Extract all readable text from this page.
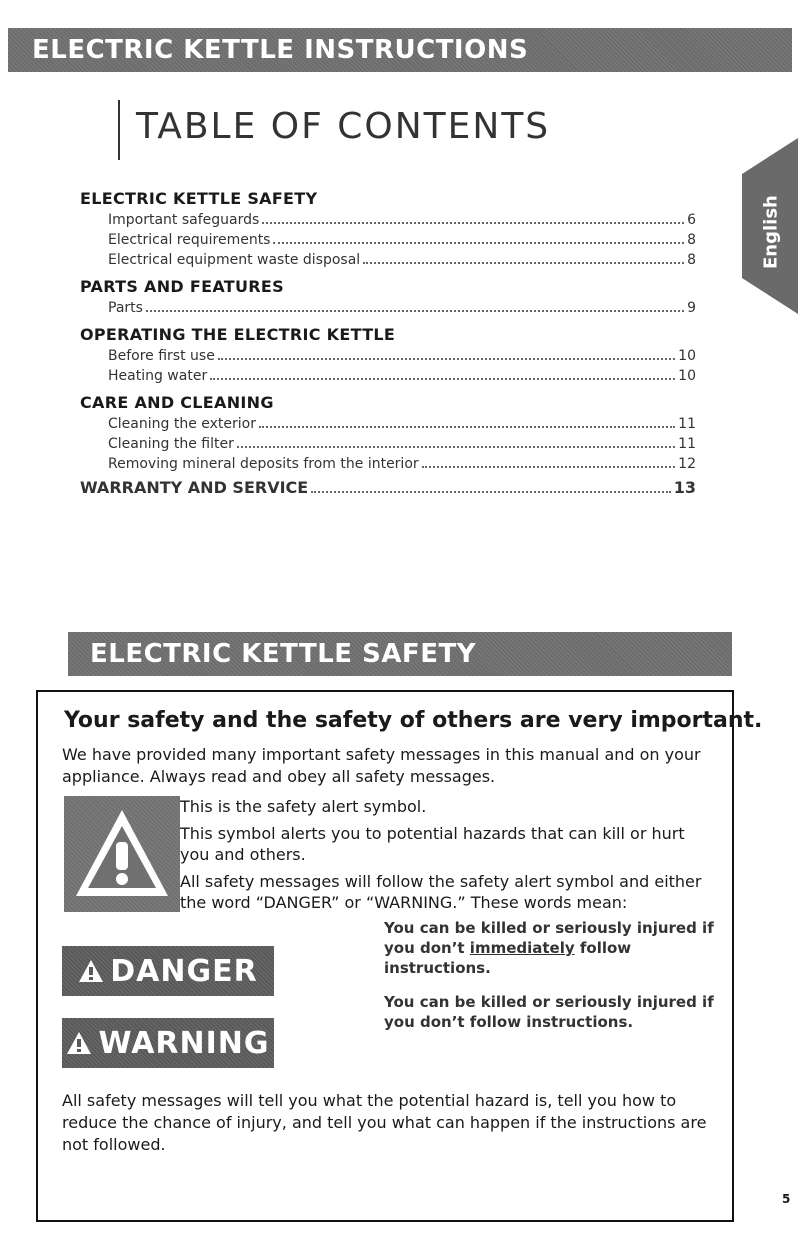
ELECTRIC KETTLE INSTRUCTIONS
TABLE OF CONTENTS
English
ELECTRIC KETTLE SAFETY
Important safeguards	6
Electrical requirements	8
Electrical equipment waste disposal	8
PARTS AND FEATURES
Parts	9
OPERATING THE ELECTRIC KETTLE
Before first use	10
Heating water	10
CARE AND CLEANING
Cleaning the exterior	11
Cleaning the filter	11
Removing mineral deposits from the interior	12
WARRANTY AND SERVICE	13
ELECTRIC KETTLE SAFETY
Your safety and the safety of others are very important.
We have provided many important safety messages in this manual and on your appliance. Always read and obey all safety messages.

This is the safety alert symbol.

This symbol alerts you to potential hazards that can kill or hurt you and others.

All safety messages will follow the safety alert symbol and either the word “DANGER” or “WARNING.” These words mean:

DANGER
You can be killed or seriously injured if you don’t immediately follow instructions.
WARNING
You can be killed or seriously injured if you don’t follow instructions.
All safety messages will tell you what the potential hazard is, tell you how to reduce the chance of injury, and tell you what can happen if the instructions are not followed.
5
